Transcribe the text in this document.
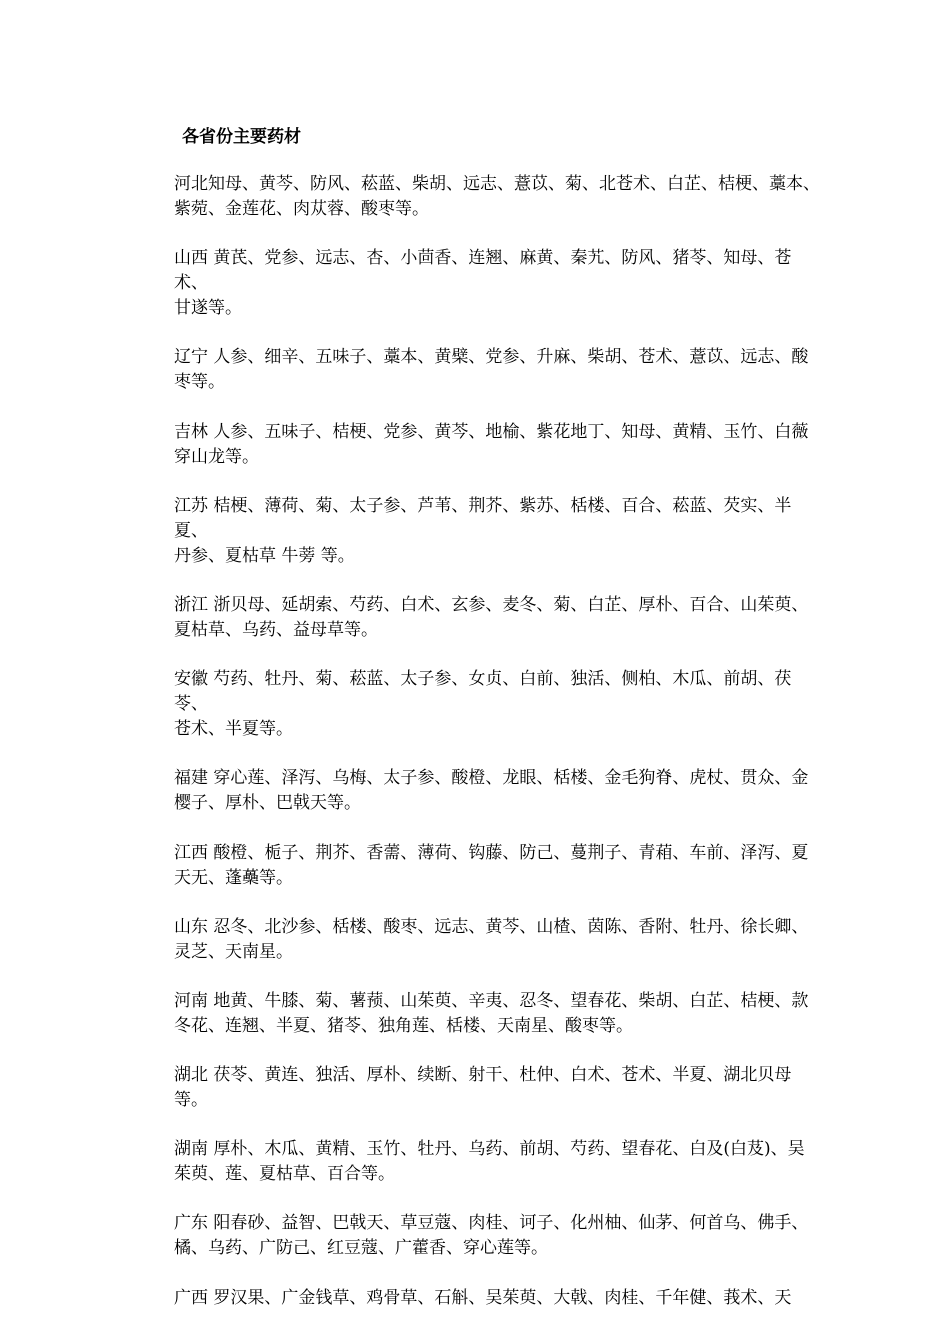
各省份主要药材

河北知母、黄芩、防风、菘蓝、柴胡、远志、薏苡、菊、北苍术、白芷、桔梗、藁本、
紫菀、金莲花、肉苁蓉、酸枣等。

山西 黄芪、党参、远志、杏、小茴香、连翘、麻黄、秦艽、防风、猪苓、知母、苍术、
甘遂等。

辽宁 人参、细辛、五味子、藁本、黄檗、党参、升麻、柴胡、苍术、薏苡、远志、酸
枣等。

吉林 人参、五味子、桔梗、党参、黄芩、地榆、紫花地丁、知母、黄精、玉竹、白薇
穿山龙等。

江苏 桔梗、薄荷、菊、太子参、芦苇、荆芥、紫苏、栝楼、百合、菘蓝、芡实、半夏、
丹参、夏枯草 牛蒡 等。

浙江 浙贝母、延胡索、芍药、白术、玄参、麦冬、菊、白芷、厚朴、百合、山茱萸、
夏枯草、乌药、益母草等。

安徽 芍药、牡丹、菊、菘蓝、太子参、女贞、白前、独活、侧柏、木瓜、前胡、茯苓、
苍术、半夏等。

福建 穿心莲、泽泻、乌梅、太子参、酸橙、龙眼、栝楼、金毛狗脊、虎杖、贯众、金
樱子、厚朴、巴戟天等。

江西 酸橙、栀子、荆芥、香薷、薄荷、钩藤、防己、蔓荆子、青葙、车前、泽泻、夏
天无、蓬蘽等。

山东 忍冬、北沙参、栝楼、酸枣、远志、黄芩、山楂、茵陈、香附、牡丹、徐长卿、
灵芝、天南星。

河南 地黄、牛膝、菊、薯蓣、山茱萸、辛夷、忍冬、望春花、柴胡、白芷、桔梗、款
冬花、连翘、半夏、猪苓、独角莲、栝楼、天南星、酸枣等。

湖北 茯苓、黄连、独活、厚朴、续断、射干、杜仲、白术、苍术、半夏、湖北贝母等。

湖南 厚朴、木瓜、黄精、玉竹、牡丹、乌药、前胡、芍药、望春花、白及(白芨)、吴
茱萸、莲、夏枯草、百合等。

广东 阳春砂、益智、巴戟天、草豆蔻、肉桂、诃子、化州柚、仙茅、何首乌、佛手、
橘、乌药、广防己、红豆蔻、广藿香、穿心莲等。

广西 罗汉果、广金钱草、鸡骨草、石斛、吴茱萸、大戟、肉桂、千年健、莪术、天
